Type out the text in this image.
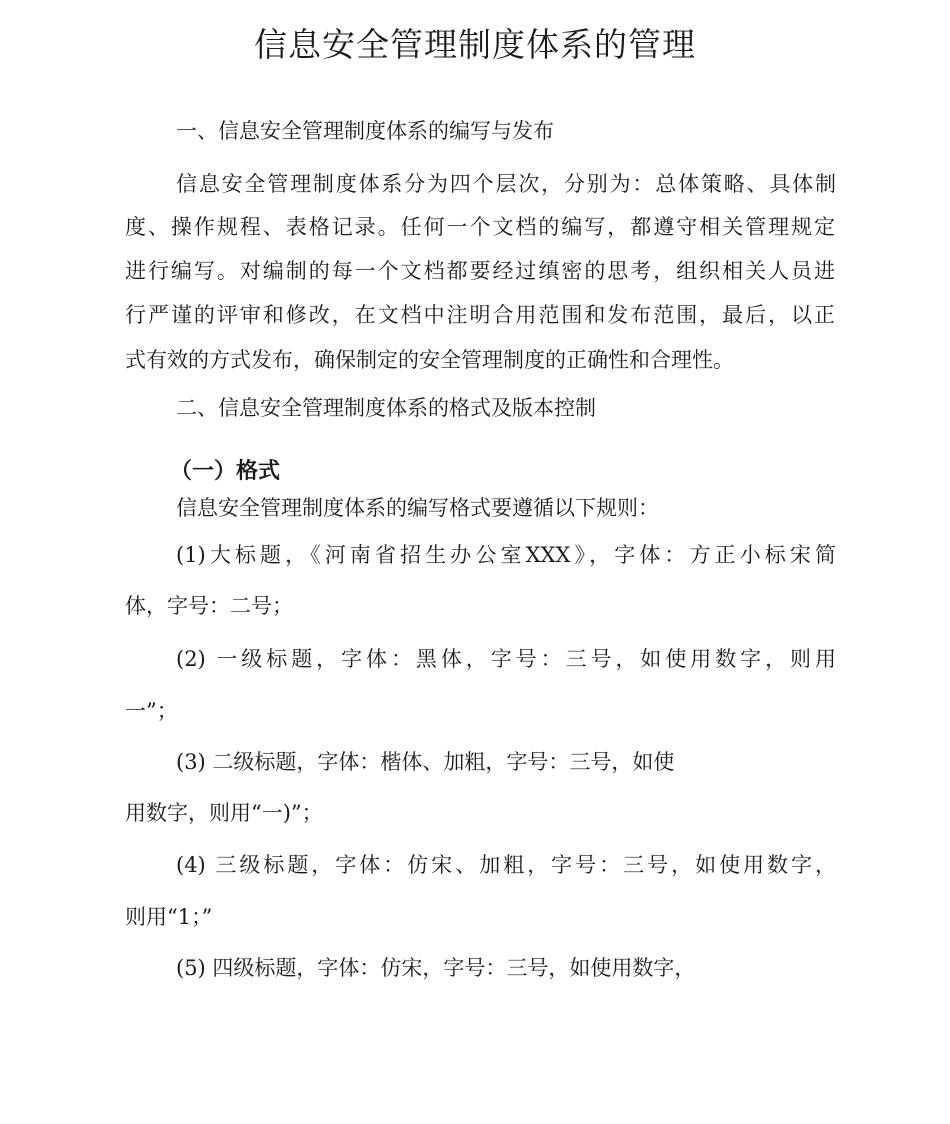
信息安全管理制度体系的管理
一、信息安全管理制度体系的编写与发布
信息安全管理制度体系分为四个层次，分别为：总体策略、具体制
度、操作规程、表格记录。任何一个文档的编写，都遵守相关管理规定
进行编写。对编制的每一个文档都要经过缜密的思考，组织相关人员进
行严谨的评审和修改，在文档中注明合用范围和发布范围，最后，以正
式有效的方式发布，确保制定的安全管理制度的正确性和合理性。
二、信息安全管理制度体系的格式及版本控制
（一）格式
信息安全管理制度体系的编写格式要遵循以下规则：
(1)大标题，《河南省招生办公室XXX》，字体：方正小标宋简
体，字号：二号；
(2) 一级标题，字体：黑体，字号：三号，如使用数字，则用
一”；
(3) 二级标题，字体：楷体、加粗，字号：三号，如使
用数字，则用“一)”；
(4) 三级标题，字体：仿宋、加粗，字号：三号，如使用数字，
则用“1；”
(5) 四级标题，字体：仿宋，字号：三号，如使用数字，
